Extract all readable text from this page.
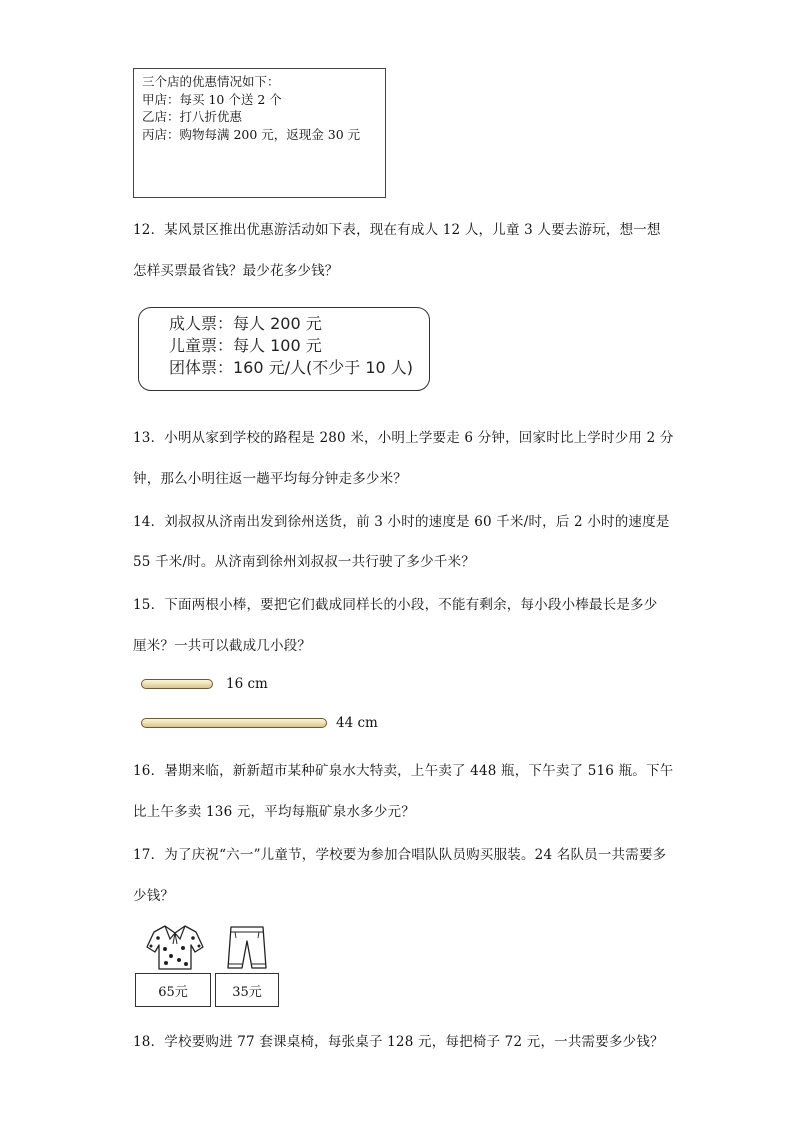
三个店的优惠情况如下：
甲店：每买 10 个送 2 个
乙店：打八折优惠
丙店：购物每满 200 元，返现金 30 元
12．某风景区推出优惠游活动如下表，现在有成人 12 人，儿童 3 人要去游玩，想一想
怎样买票最省钱？最少花多少钱？
成人票：每人 200 元
儿童票：每人 100 元
团体票：160 元/人(不少于 10 人)
13．小明从家到学校的路程是 280 米，小明上学要走 6 分钟，回家时比上学时少用 2 分
钟，那么小明往返一趟平均每分钟走多少米？
14．刘叔叔从济南出发到徐州送货，前 3 小时的速度是 60 千米/时，后 2 小时的速度是
55 千米/时。从济南到徐州刘叔叔一共行驶了多少千米？
15．下面两根小棒，要把它们截成同样长的小段，不能有剩余，每小段小棒最长是多少
厘米？一共可以截成几小段？
16 cm
44 cm
16．暑期来临，新新超市某种矿泉水大特卖，上午卖了 448 瓶，下午卖了 516 瓶。下午
比上午多卖 136 元，平均每瓶矿泉水多少元？
17．为了庆祝“六一”儿童节，学校要为参加合唱队队员购买服装。24 名队员一共需要多
少钱？
65元	35元
18．学校要购进 77 套课桌椅，每张桌子 128 元，每把椅子 72 元，一共需要多少钱？
